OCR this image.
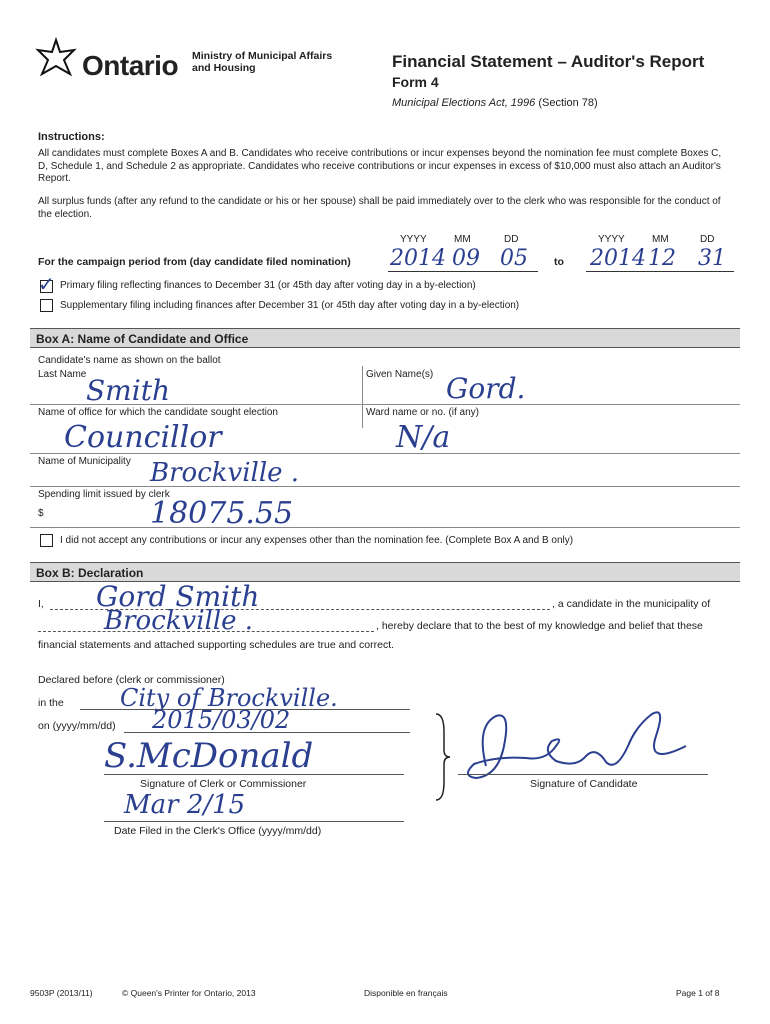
Ontario Ministry of Municipal Affairs and Housing	Financial Statement – Auditor's Report
Form 4
Municipal Elections Act, 1996 (Section 78)
Instructions:
All candidates must complete Boxes A and B. Candidates who receive contributions or incur expenses beyond the nomination fee must complete Boxes C, D, Schedule 1, and Schedule 2 as appropriate. Candidates who receive contributions or incur expenses in excess of $10,000 must also attach an Auditor's Report.
All surplus funds (after any refund to the candidate or his or her spouse) shall be paid immediately over to the clerk who was responsible for the conduct of the election.
YYYY	MM	DD	YYYY	MM	DD
For the campaign period from (day candidate filed nomination) 2014 09 05 to 2014 12 31
✓ Primary filing reflecting finances to December 31 (or 45th day after voting day in a by-election)
Supplementary filing including finances after December 31 (or 45th day after voting day in a by-election)
Box A: Name of Candidate and Office
Candidate's name as shown on the ballot
Last Name Smith	Given Name(s) Gord.
Name of office for which the candidate sought election
Councillor
Ward name or no. (if any)
N/a
Name of Municipality Brockville .
Spending limit issued by clerk
$	18075.55
I did not accept any contributions or incur any expenses other than the nomination fee. (Complete Box A and B only)
Box B: Declaration
I, Gord Smith	, a candidate in the municipality of
Brockville .	, hereby declare that to the best of my knowledge and belief that these
financial statements and attached supporting schedules are true and correct.
Declared before (clerk or commissioner)
in the City of Brockville.
on (yyyy/mm/dd) 2015/03/02
S.McDonald
Signature of Clerk or Commissioner	Signature of Candidate
Mar 2/15
Date Filed in the Clerk's Office (yyyy/mm/dd)
9503P (2013/11)	© Queen's Printer for Ontario, 2013	Disponible en français	Page 1 of 8
